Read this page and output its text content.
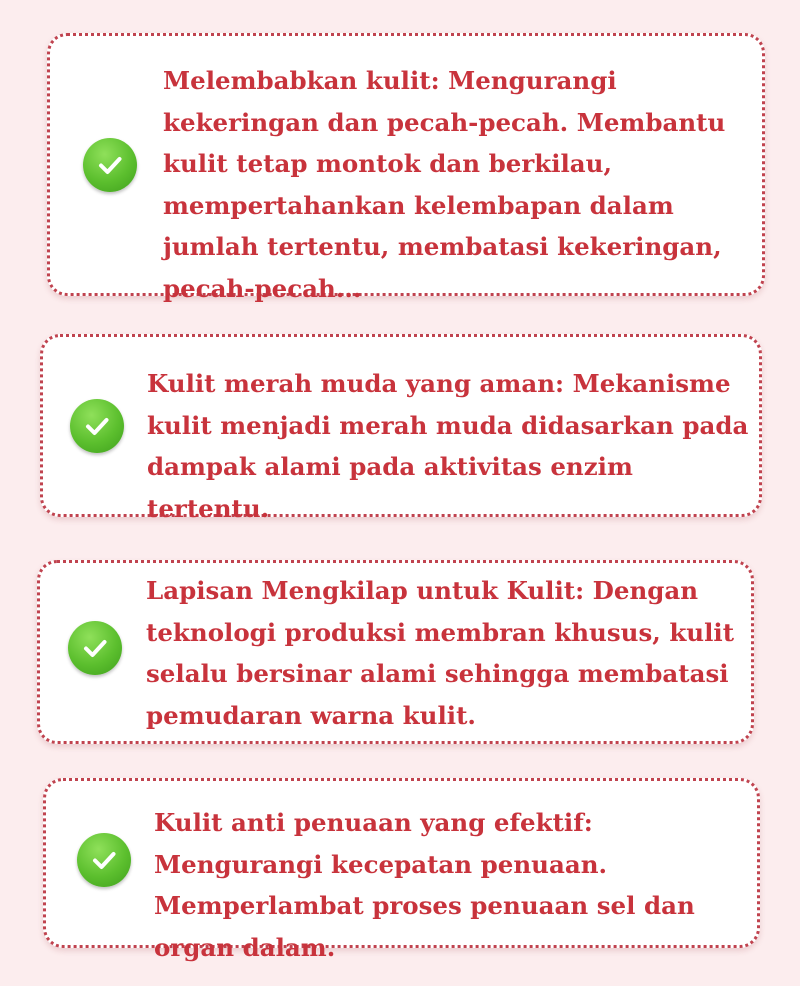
Melembabkan kulit: Mengurangi kekeringan dan pecah-pecah. Membantu kulit tetap montok dan berkilau, mempertahankan kelembapan dalam jumlah tertentu, membatasi kekeringan, pecah-pecah...

Kulit merah muda yang aman: Mekanisme kulit menjadi merah muda didasarkan pada dampak alami pada aktivitas enzim tertentu.

Lapisan Mengkilap untuk Kulit: Dengan teknologi produksi membran khusus, kulit selalu bersinar alami sehingga membatasi pemudaran warna kulit.

Kulit anti penuaan yang efektif: Mengurangi kecepatan penuaan. Memperlambat proses penuaan sel dan organ dalam.
